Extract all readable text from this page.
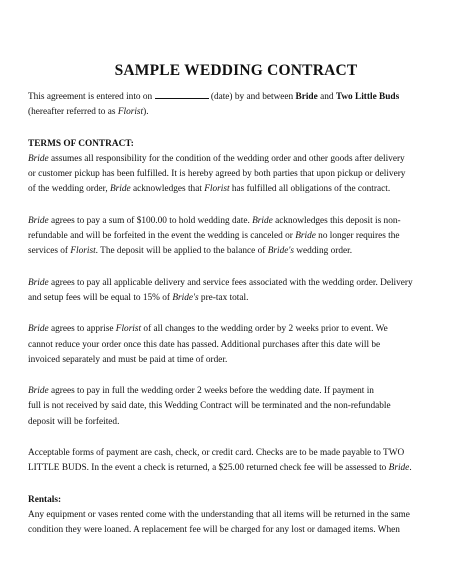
SAMPLE WEDDING CONTRACT
This agreement is entered into on	(date) by and between Bride and Two Little Buds
(hereafter referred to as Florist).

TERMS OF CONTRACT:

Bride assumes all responsibility for the condition of the wedding order and other goods after delivery
or customer pickup has been fulfilled. It is hereby agreed by both parties that upon pickup or delivery
of the wedding order, Bride acknowledges that Florist has fulfilled all obligations of the contract.
Bride agrees to pay a sum of $100.00 to hold wedding date. Bride acknowledges this deposit is non-
refundable and will be forfeited in the event the wedding is canceled or Bride no longer requires the
services of Florist. The deposit will be applied to the balance of Bride's wedding order.
Bride agrees to pay all applicable delivery and service fees associated with the wedding order. Delivery
and setup fees will be equal to 15% of Bride's pre-tax total.
Bride agrees to apprise Florist of all changes to the wedding order by 2 weeks prior to event. We
cannot reduce your order once this date has passed. Additional purchases after this date will be
invoiced separately and must be paid at time of order.
Bride agrees to pay in full the wedding order 2 weeks before the wedding date. If payment in
full is not received by said date, this Wedding Contract will be terminated and the non-refundable
deposit will be forfeited.
Acceptable forms of payment are cash, check, or credit card. Checks are to be made payable to TWO
LITTLE BUDS. In the event a check is returned, a $25.00 returned check fee will be assessed to Bride.

Rentals:

Any equipment or vases rented come with the understanding that all items will be returned in the same
condition they were loaned. A replacement fee will be charged for any lost or damaged items. When
